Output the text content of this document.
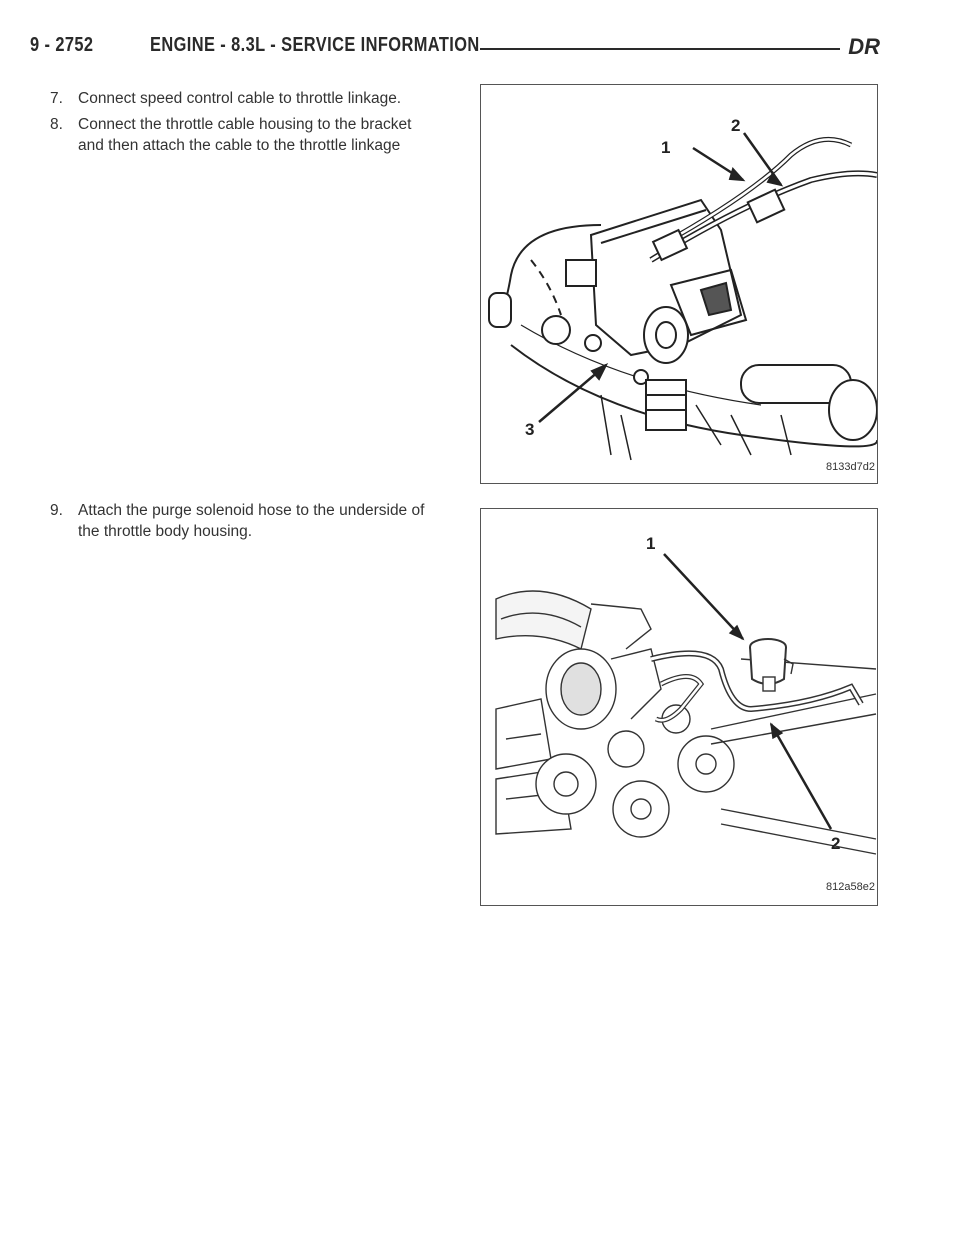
9 - 2752	ENGINE - 8.3L - SERVICE INFORMATION	DR
7. Connect speed control cable to throttle linkage.
8. Connect the throttle cable housing to the bracket
and then attach the cable to the throttle linkage
9. Attach the purge solenoid hose to the underside of
the throttle body housing.
1
2
3
8133d7d2
1
2
812a58e2
